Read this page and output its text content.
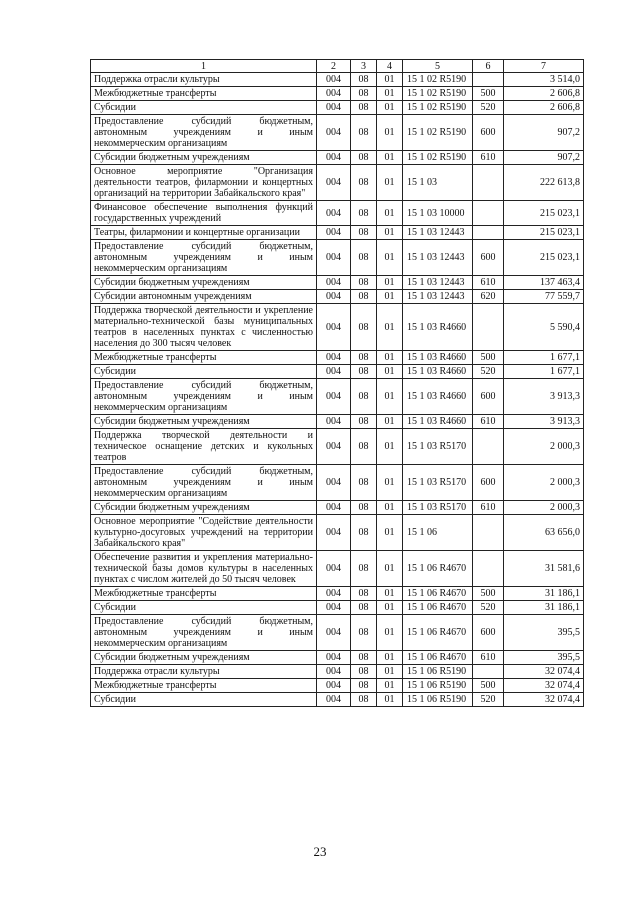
1	2	3	4	5	6	7
Поддержка отрасли культуры	004	08	01	15 1 02 R5190		3 514,0
Межбюджетные трансферты	004	08	01	15 1 02 R5190	500	2 606,8
Субсидии	004	08	01	15 1 02 R5190	520	2 606,8
Предоставление субсидий бюджетным, автономным учреждениям и иным некоммерческим организациям	004	08	01	15 1 02 R5190	600	907,2
Субсидии бюджетным учреждениям	004	08	01	15 1 02 R5190	610	907,2
Основное мероприятие "Организация деятельности театров, филармонии и концертных организаций на территории Забайкальского края"	004	08	01	15 1 03		222 613,8
Финансовое обеспечение выполнения функций государственных учреждений	004	08	01	15 1 03 10000		215 023,1
Театры, филармонии и концертные организации	004	08	01	15 1 03 12443		215 023,1
Предоставление субсидий бюджетным, автономным учреждениям и иным некоммерческим организациям	004	08	01	15 1 03 12443	600	215 023,1
Субсидии бюджетным учреждениям	004	08	01	15 1 03 12443	610	137 463,4
Субсидии автономным учреждениям	004	08	01	15 1 03 12443	620	77 559,7
Поддержка творческой деятельности и укрепление материально-технической базы муниципальных театров в населенных пунктах с численностью населения до 300 тысяч человек	004	08	01	15 1 03 R4660		5 590,4
Межбюджетные трансферты	004	08	01	15 1 03 R4660	500	1 677,1
Субсидии	004	08	01	15 1 03 R4660	520	1 677,1
Предоставление субсидий бюджетным, автономным учреждениям и иным некоммерческим организациям	004	08	01	15 1 03 R4660	600	3 913,3
Субсидии бюджетным учреждениям	004	08	01	15 1 03 R4660	610	3 913,3
Поддержка творческой деятельности и техническое оснащение детских и кукольных театров	004	08	01	15 1 03 R5170		2 000,3
Предоставление субсидий бюджетным, автономным учреждениям и иным некоммерческим организациям	004	08	01	15 1 03 R5170	600	2 000,3
Субсидии бюджетным учреждениям	004	08	01	15 1 03 R5170	610	2 000,3
Основное мероприятие "Содействие деятельности культурно-досуговых учреждений на территории Забайкальского края"	004	08	01	15 1 06		63 656,0
Обеспечение развития и укрепления материально-технической базы домов культуры в населенных пунктах с числом жителей до 50 тысяч человек	004	08	01	15 1 06 R4670		31 581,6
Межбюджетные трансферты	004	08	01	15 1 06 R4670	500	31 186,1
Субсидии	004	08	01	15 1 06 R4670	520	31 186,1
Предоставление субсидий бюджетным, автономным учреждениям и иным некоммерческим организациям	004	08	01	15 1 06 R4670	600	395,5
Субсидии бюджетным учреждениям	004	08	01	15 1 06 R4670	610	395,5
Поддержка отрасли культуры	004	08	01	15 1 06 R5190		32 074,4
Межбюджетные трансферты	004	08	01	15 1 06 R5190	500	32 074,4
Субсидии	004	08	01	15 1 06 R5190	520	32 074,4
23
